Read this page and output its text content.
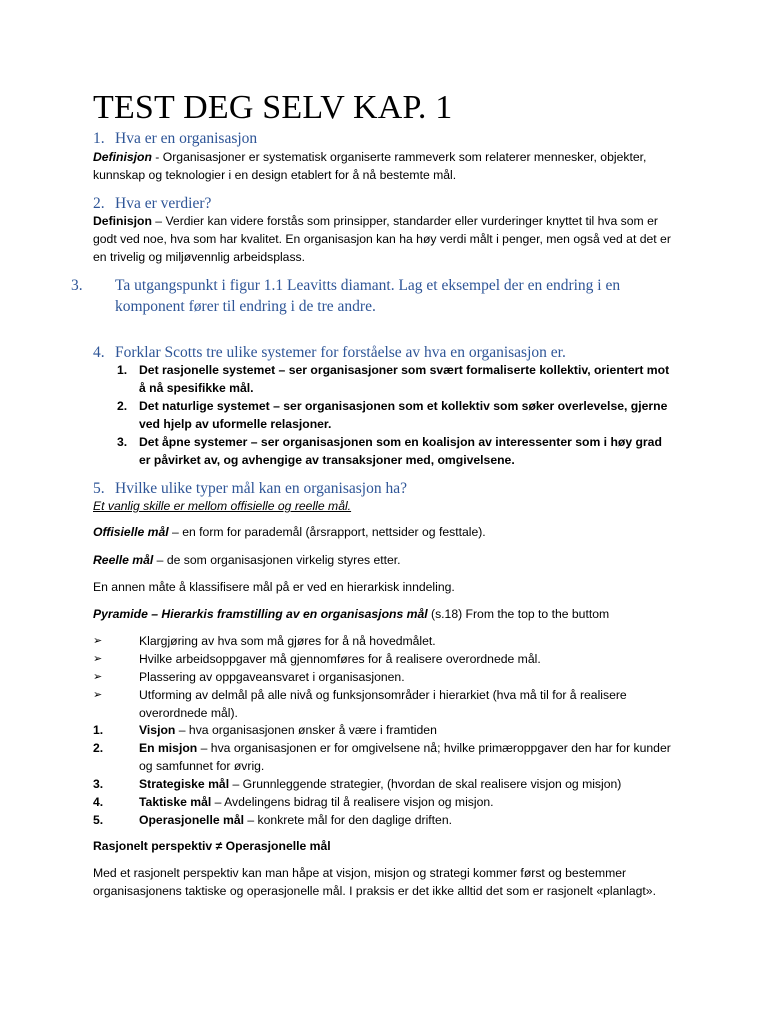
TEST DEG SELV KAP. 1
1. Hva er en organisasjon

Definisjon - Organisasjoner er systematisk organiserte rammeverk som relaterer mennesker, objekter, kunnskap og teknologier i en design etablert for å nå bestemte mål.

2. Hva er verdier?

Definisjon – Verdier kan videre forstås som prinsipper, standarder eller vurderinger knyttet til hva som er godt ved noe, hva som har kvalitet. En organisasjon kan ha høy verdi målt i penger, men også ved at det er en trivelig og miljøvennlig arbeidsplass.

3. Ta utgangspunkt i figur 1.1 Leavitts diamant. Lag et eksempel der en endring i en komponent fører til endring i de tre andre.
4. Forklar Scotts tre ulike systemer for forståelse av hva en organisasjon er.
1. Det rasjonelle systemet – ser organisasjoner som svært formaliserte kollektiv, orientert mot å nå spesifikke mål.
2. Det naturlige systemet – ser organisasjonen som et kollektiv som søker overlevelse, gjerne ved hjelp av uformelle relasjoner.
3. Det åpne systemer – ser organisasjonen som en koalisjon av interessenter som i høy grad er påvirket av, og avhengige av transaksjoner med, omgivelsene.
5. Hvilke ulike typer mål kan en organisasjon ha?

Et vanlig skille er mellom offisielle og reelle mål.

Offisielle mål – en form for parademål (årsrapport, nettsider og festtale).

Reelle mål – de som organisasjonen virkelig styres etter.

En annen måte å klassifisere mål på er ved en hierarkisk inndeling.

Pyramide – Hierarkis framstilling av en organisasjons mål (s.18) From the top to the buttom

➢	Klargjøring av hva som må gjøres for å nå hovedmålet.
➢	Hvilke arbeidsoppgaver må gjennomføres for å realisere overordnede mål.
➢	Plassering av oppgaveansvaret i organisasjonen.
➢	Utforming av delmål på alle nivå og funksjonsområder i hierarkiet (hva må til for å realisere overordnede mål).
1.	Visjon – hva organisasjonen ønsker å være i framtiden
2.	En misjon – hva organisasjonen er for omgivelsene nå; hvilke primæroppgaver den har for kunder og samfunnet for øvrig.
3.	Strategiske mål – Grunnleggende strategier, (hvordan de skal realisere visjon og misjon)
4.	Taktiske mål – Avdelingens bidrag til å realisere visjon og misjon.
5.	Operasjonelle mål – konkrete mål for den daglige driften.

Rasjonelt perspektiv ≠ Operasjonelle mål

Med et rasjonelt perspektiv kan man håpe at visjon, misjon og strategi kommer først og bestemmer organisasjonens taktiske og operasjonelle mål. I praksis er det ikke alltid det som er rasjonelt «planlagt».
